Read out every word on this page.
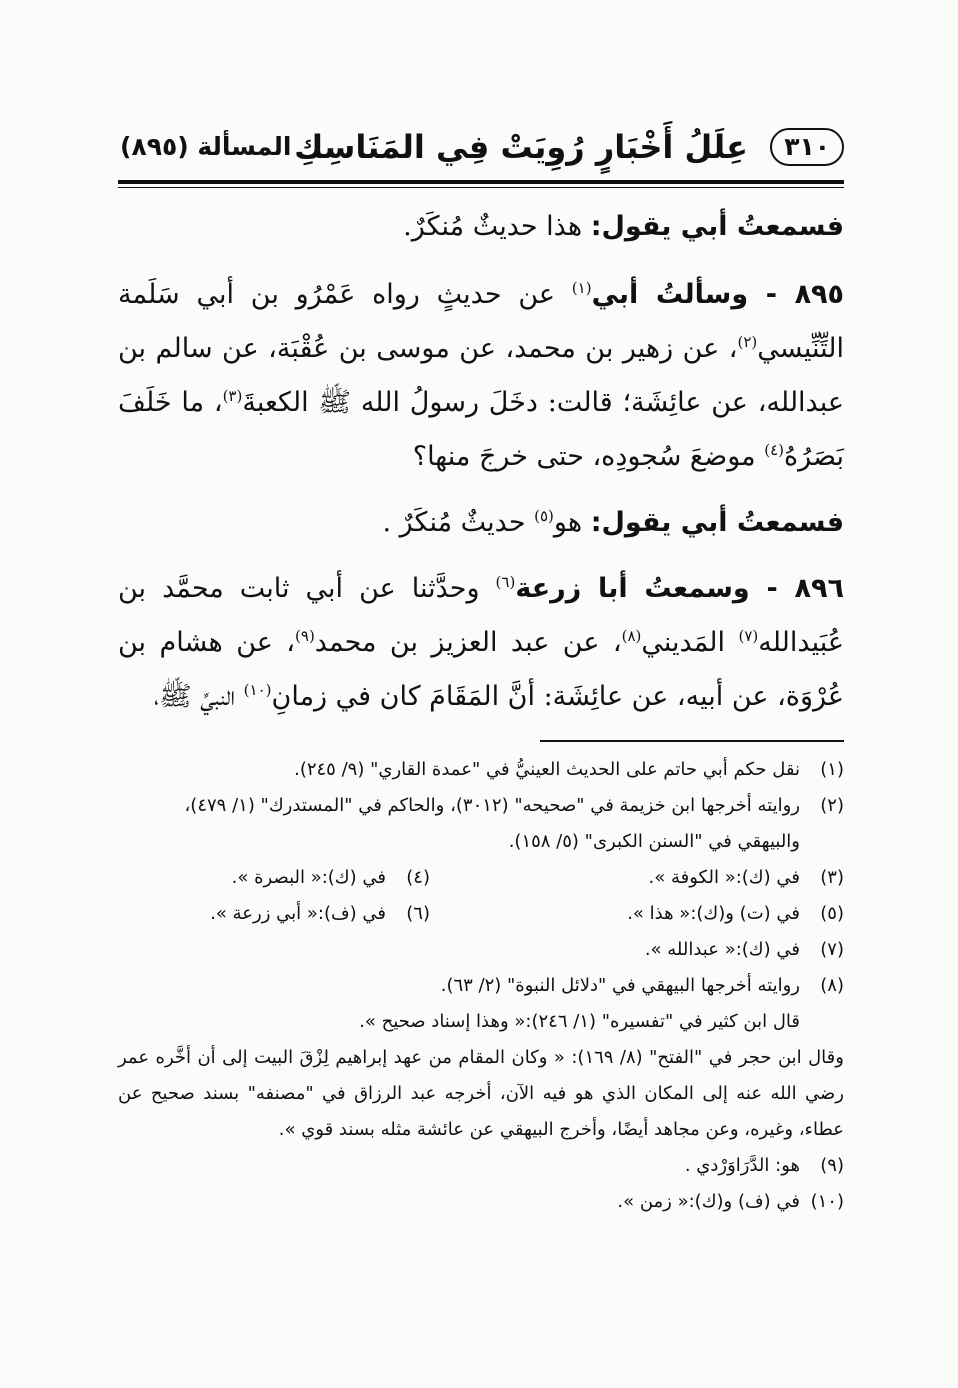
٣١٠
عِلَلُ أَخْبَارٍ رُوِيَتْ فِي المَنَاسِكِ
المسألة (٨٩٥)

فسمعتُ أبي يقول: هذا حديثٌ مُنكَرٌ.

٨٩٥ - وسألتُ أبي$^{(١)}$ عن حديثٍ رواه عَمْرُو بن أبي سَلَمة التِّنِّيسي$^{(٢)}$، عن زهير بن محمد، عن موسى بن عُقْبَة، عن سالم بن عبدالله، عن عائِشَة؛ قالت: دخَلَ رسولُ الله ﷺ الكعبةَ$^{(٣)}$، ما خَلَفَ بَصَرُهُ$^{(٤)}$ موضعَ سُجودِه، حتى خرجَ منها؟

فسمعتُ أبي يقول: هو$^{(٥)}$ حديثٌ مُنكَرٌ .

٨٩٦ - وسمعتُ أبا زرعة$^{(٦)}$ وحدَّثنا عن أبي ثابت محمَّد بن عُبَيدالله$^{(٧)}$ المَديني$^{(٨)}$، عن عبد العزيز بن محمد$^{(٩)}$، عن هشام بن عُرْوَة، عن أبيه، عن عائِشَة: أنَّ المَقَامَ كان في زمانِ$^{(١٠)}$ النبيِّ ﷺ،

(١)
نقل حكم أبي حاتم على الحديث العينيُّ في "عمدة القاري" (٩/ ٢٤٥).
(٢)
روايته أخرجها ابن خزيمة في "صحيحه" (٣٠١٢)، والحاكم في "المستدرك" (١/ ٤٧٩)، والبيهقي في "السنن الكبرى" (٥/ ١٥٨).
(٣)
في (ك):« الكوفة ».
(٤)
في (ك):« البصرة ».
(٥)
في (ت) و(ك):« هذا ».
(٦)
في (ف):« أبي زرعة ».
(٧)
في (ك):« عبدالله ».
(٨)
روايته أخرجها البيهقي في "دلائل النبوة" (٢/ ٦٣).
قال ابن كثير في "تفسيره" (١/ ٢٤٦):« وهذا إسناد صحيح ».
وقال ابن حجر في "الفتح" (٨/ ١٦٩): « وكان المقام من عهد إبراهيم لِزْقَ البيت إلى أن أخَّره عمر رضي الله عنه إلى المكان الذي هو فيه الآن، أخرجه عبد الرزاق في "مصنفه" بسند صحيح عن عطاء، وغيره، وعن مجاهد أيضًا، وأخرج البيهقي عن عائشة مثله بسند قوي ».
(٩)
هو: الدَّرَاوَرْدي .
(١٠)
في (ف) و(ك):« زمن ».
